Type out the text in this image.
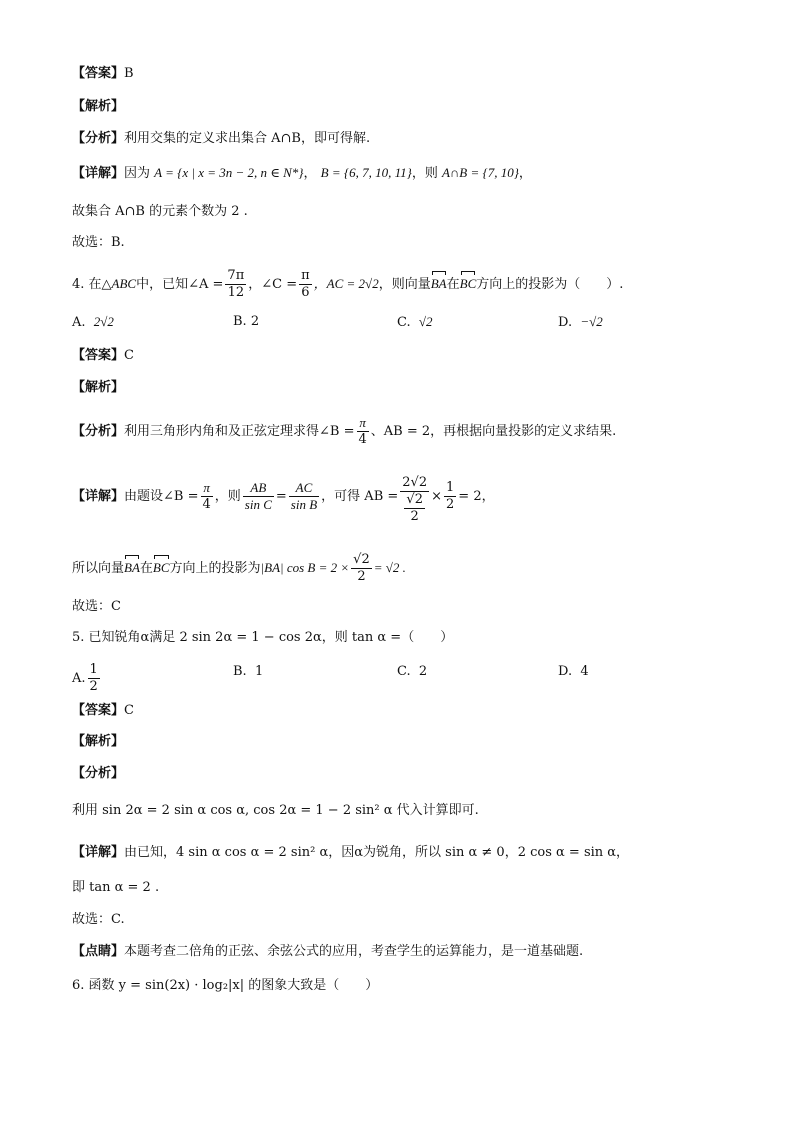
【答案】B
【解析】
【分析】利用交集的定义求出集合 A∩B，即可得解.
【详解】因为 A = {x | x = 3n − 2, n ∈ N*}， B = {6, 7, 10, 11}，则 A∩B = {7, 10}，
故集合 A∩B 的元素个数为 2 .
故选：B.
4. 在△ABC中，已知∠A = $\frac{7\pi}{12}$ ，∠C = $\frac{\pi}{6}$ ，AC = 2√2，则向量BA在BC方向上的投影为（　　）.
A. 2√2	B. 2	C. √2	D. −√2
【答案】C
【解析】
【分析】利用三角形内角和及正弦定理求得∠B = $\frac{\pi}{4}$ 、AB = 2，再根据向量投影的定义求结果.
【详解】由题设∠B = $\frac{\pi}{4}$ ，则 $\frac{AB}{\text{sin C}} = \frac{AC}{\text{sin B}}$ ，可得 AB = $\frac{2√2}{\frac{√2}{2}} \times \frac{1}{2} = 2$，
所以向量BA在BC方向上的投影为|BA| $\cos B = 2 \times \frac{√2}{2} = √2$ .
故选：C
5. 已知锐角α满足 2 sin 2α = 1 − cos 2α，则 tan α =（　　）
A. $\frac{1}{2}$	B. 1	C. 2	D. 4
【答案】C
【解析】
【分析】
利用 sin 2α = 2 sin α cos α, cos 2α = 1 − 2 sin² α 代入计算即可.
【详解】由已知，4 sin α cos α = 2 sin² α，因α为锐角，所以 sin α ≠ 0，2 cos α = sin α，
即 tan α = 2 .
故选：C.
【点睛】本题考查二倍角的正弦、余弦公式的应用，考查学生的运算能力，是一道基础题.
6. 函数 y = sin(2x) · log₂|x| 的图象大致是（　　）
